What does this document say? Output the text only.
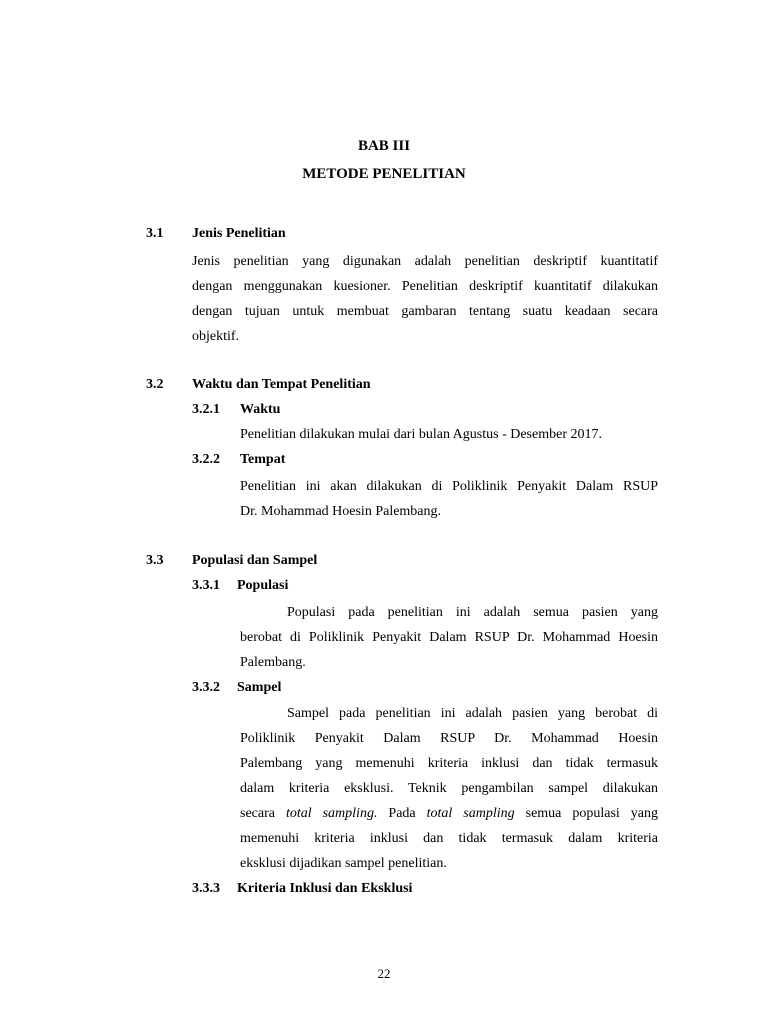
BAB III
METODE PENELITIAN
3.1 Jenis Penelitian
Jenis penelitian yang digunakan adalah penelitian deskriptif kuantitatif
dengan menggunakan kuesioner. Penelitian deskriptif kuantitatif dilakukan
dengan tujuan untuk membuat gambaran tentang suatu keadaan secara
objektif.
3.2 Waktu dan Tempat Penelitian
3.2.1 Waktu
Penelitian dilakukan mulai dari bulan Agustus - Desember 2017.
3.2.2 Tempat
Penelitian ini akan dilakukan di Poliklinik Penyakit Dalam RSUP
Dr. Mohammad Hoesin Palembang.
3.3 Populasi dan Sampel
3.3.1 Populasi
Populasi pada penelitian ini adalah semua pasien yang
berobat di Poliklinik Penyakit Dalam RSUP Dr. Mohammad Hoesin
Palembang.
3.3.2 Sampel
Sampel pada penelitian ini adalah pasien yang berobat di
Poliklinik Penyakit Dalam RSUP Dr. Mohammad Hoesin
Palembang yang memenuhi kriteria inklusi dan tidak termasuk
dalam kriteria eksklusi. Teknik pengambilan sampel dilakukan
secara total sampling. Pada total sampling semua populasi yang
memenuhi kriteria inklusi dan tidak termasuk dalam kriteria
eksklusi dijadikan sampel penelitian.
3.3.3 Kriteria Inklusi dan Eksklusi
22
